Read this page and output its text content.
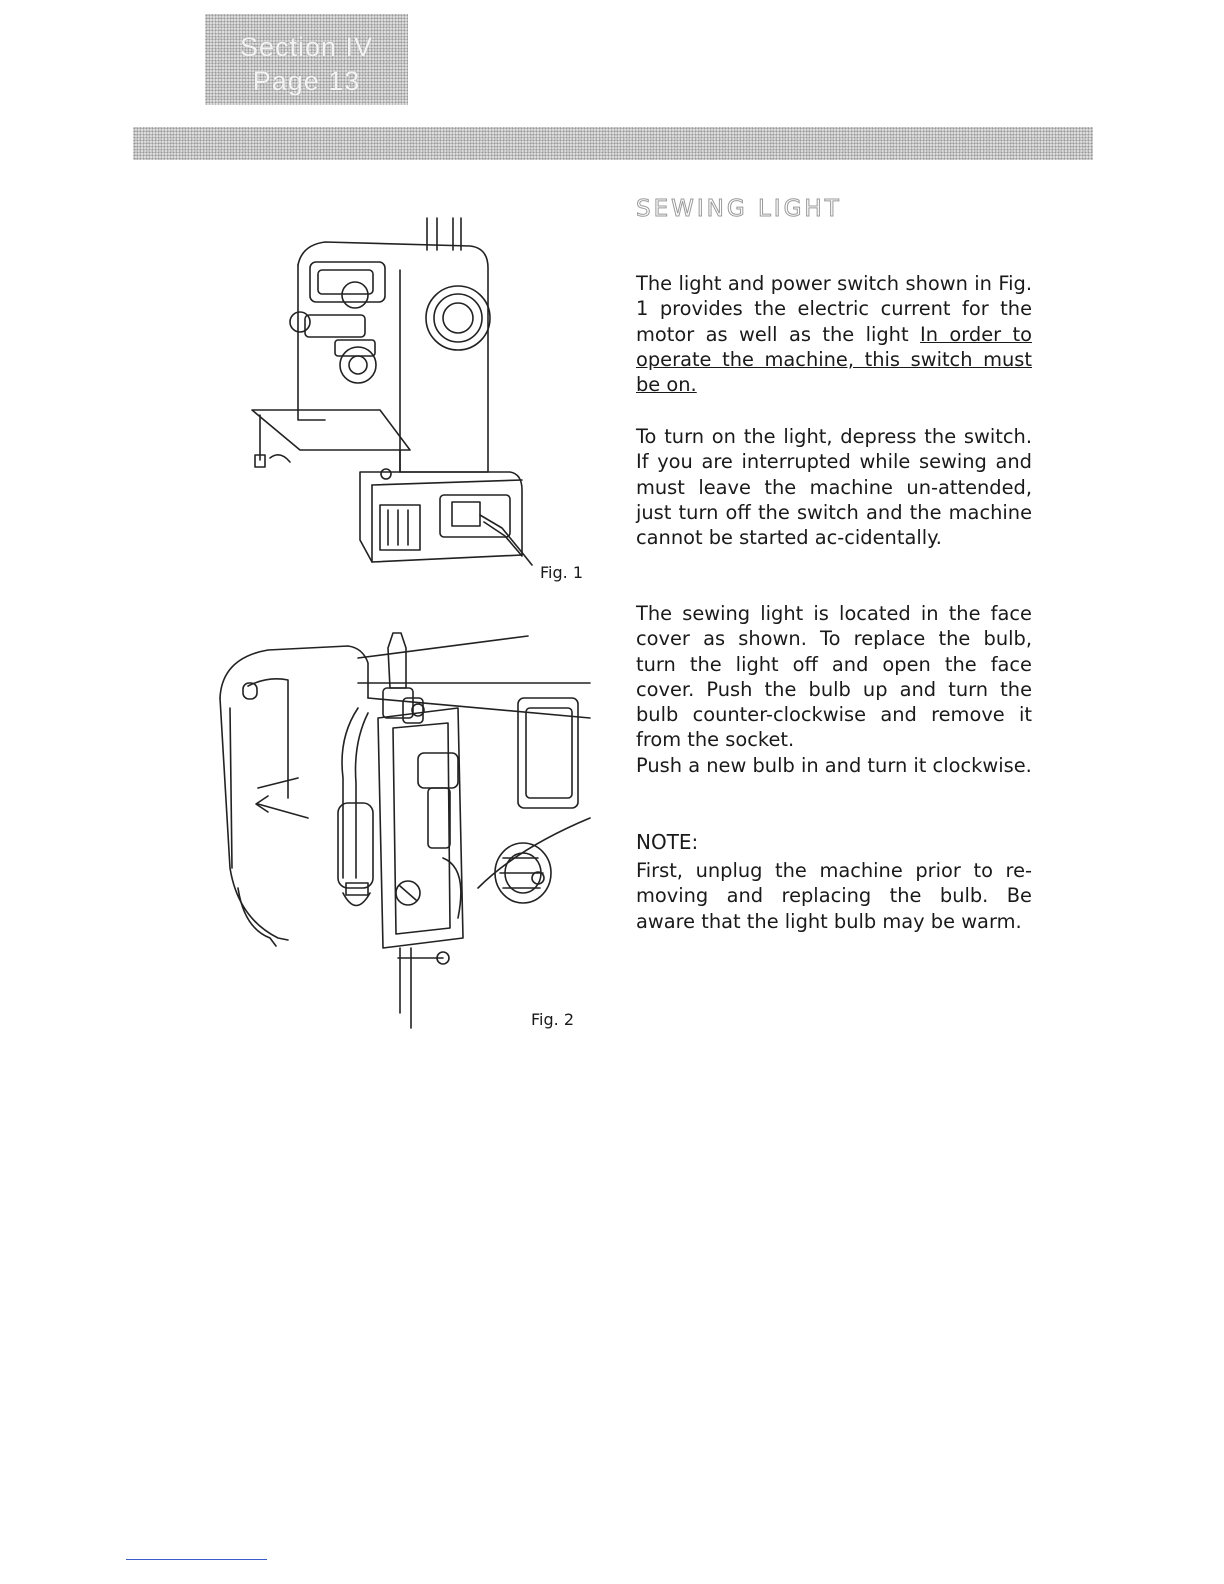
Section IV
Page 13
SEWING LIGHT

The light and power switch shown in Fig. 1 provides the electric current for the motor as well as the light In order to operate the machine, this switch must be on.

To turn on the light, depress the switch. If you are interrupted while sewing and must leave the machine un-attended, just turn off the switch and the machine cannot be started ac-cidentally.

The sewing light is located in the face cover as shown. To replace the bulb, turn the light off and open the face cover. Push the bulb up and turn the bulb counter-clockwise and remove it from the socket.
Push a new bulb in and turn it clockwise.

NOTE:

First, unplug the machine prior to re-moving and replacing the bulb. Be aware that the light bulb may be warm.

Fig. 1
Fig. 2
